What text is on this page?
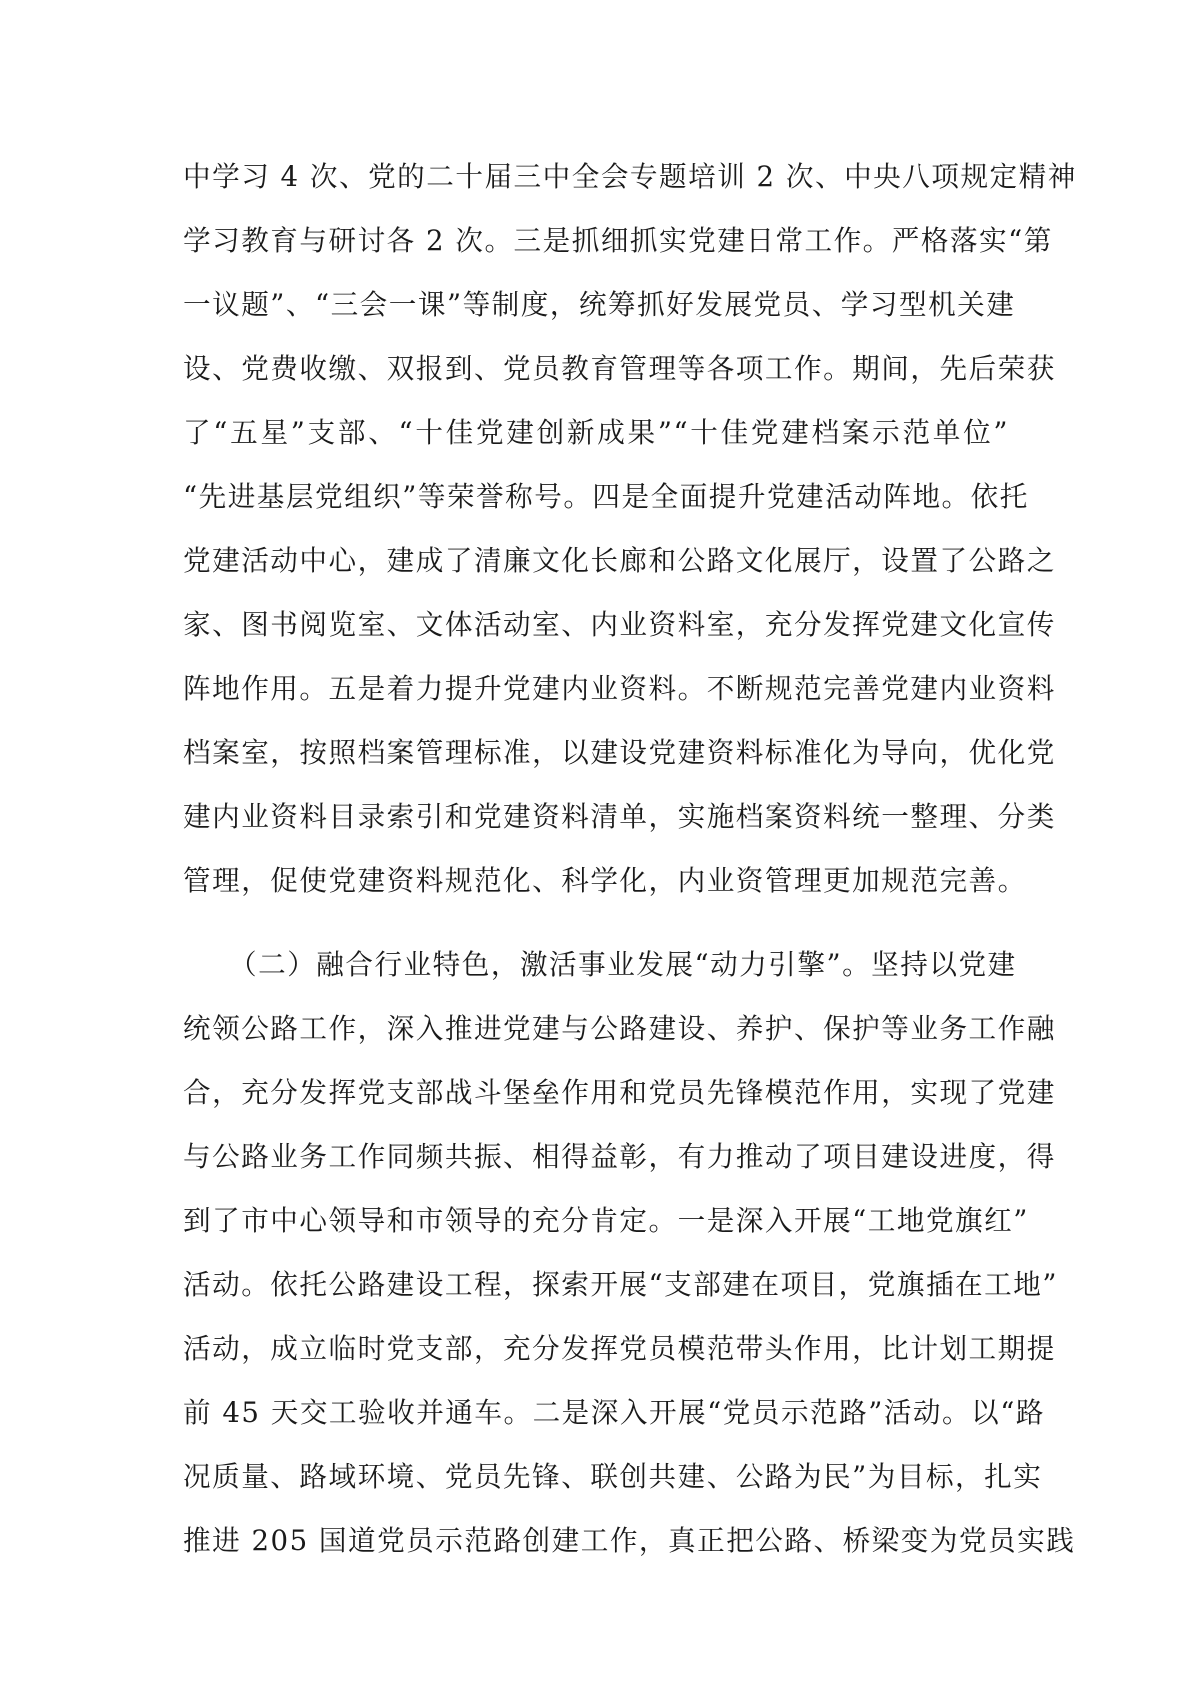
中学习 4 次、党的二十届三中全会专题培训 2 次、中央八项规定精神
学习教育与研讨各 2 次。三是抓细抓实党建日常工作。严格落实“第
一议题”、“三会一课”等制度，统筹抓好发展党员、学习型机关建
设、党费收缴、双报到、党员教育管理等各项工作。期间，先后荣获
了“五星”支部、“十佳党建创新成果”“十佳党建档案示范单位”
“先进基层党组织”等荣誉称号。四是全面提升党建活动阵地。依托
党建活动中心，建成了清廉文化长廊和公路文化展厅，设置了公路之
家、图书阅览室、文体活动室、内业资料室，充分发挥党建文化宣传
阵地作用。五是着力提升党建内业资料。不断规范完善党建内业资料
档案室，按照档案管理标准，以建设党建资料标准化为导向，优化党
建内业资料目录索引和党建资料清单，实施档案资料统一整理、分类
管理，促使党建资料规范化、科学化，内业资管理更加规范完善。
（二）融合行业特色，激活事业发展“动力引擎”。坚持以党建
统领公路工作，深入推进党建与公路建设、养护、保护等业务工作融
合，充分发挥党支部战斗堡垒作用和党员先锋模范作用，实现了党建
与公路业务工作同频共振、相得益彰，有力推动了项目建设进度，得
到了市中心领导和市领导的充分肯定。一是深入开展“工地党旗红”
活动。依托公路建设工程，探索开展“支部建在项目，党旗插在工地”
活动，成立临时党支部，充分发挥党员模范带头作用，比计划工期提
前 45 天交工验收并通车。二是深入开展“党员示范路”活动。以“路
况质量、路域环境、党员先锋、联创共建、公路为民”为目标，扎实
推进 205 国道党员示范路创建工作，真正把公路、桥梁变为党员实践
